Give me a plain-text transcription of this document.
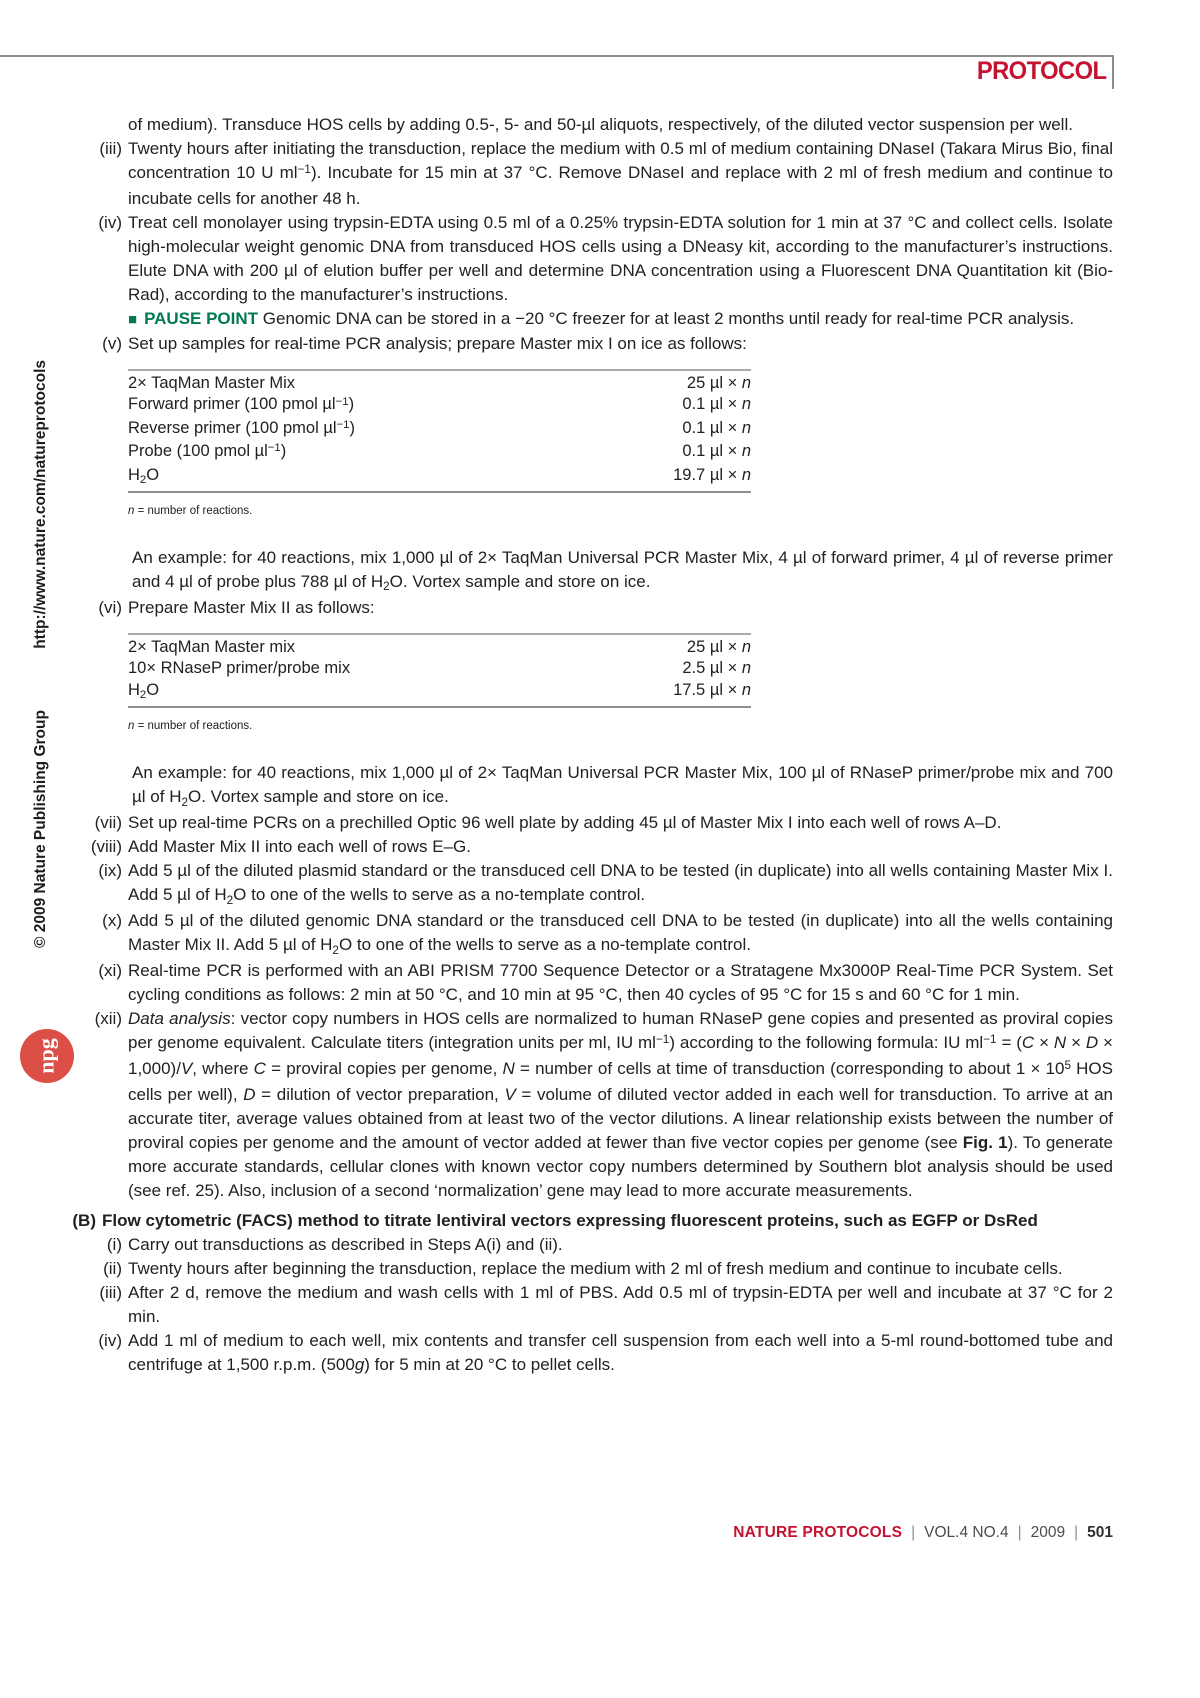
PROTOCOL
© 2009 Nature Publishing Group
http://www.nature.com/natureprotocols
npg
of medium). Transduce HOS cells by adding 0.5-, 5- and 50-µl aliquots, respectively, of the diluted vector suspension per well.
(iii) Twenty hours after initiating the transduction, replace the medium with 0.5 ml of medium containing DNaseI (Takara Mirus Bio, final concentration 10 U $ml^{-1}$). Incubate for 15 min at 37 °C. Remove DNaseI and replace with 2 ml of fresh medium and continue to incubate cells for another 48 h.
(iv) Treat cell monolayer using trypsin-EDTA using 0.5 ml of a 0.25% trypsin-EDTA solution for 1 min at 37 °C and collect cells. Isolate high-molecular weight genomic DNA from transduced HOS cells using a DNeasy kit, according to the manufacturer’s instructions. Elute DNA with 200 µl of elution buffer per well and determine DNA concentration using a Fluorescent DNA Quantitation kit (Bio-Rad), according to the manufacturer’s instructions.
■ PAUSE POINT Genomic DNA can be stored in a −20 °C freezer for at least 2 months until ready for real-time PCR analysis.
(v) Set up samples for real-time PCR analysis; prepare Master mix I on ice as follows:
2× TaqMan Master Mix	25 µl × n
Forward primer (100 pmol µl$^{-1}$)	0.1 µl × n
Reverse primer (100 pmol µl$^{-1}$)	0.1 µl × n
Probe (100 pmol µl$^{-1}$)	0.1 µl × n
H2O	19.7 µl × n
n = number of reactions.
An example: for 40 reactions, mix 1,000 µl of 2× TaqMan Universal PCR Master Mix, 4 µl of forward primer, 4 µl of reverse primer and 4 µl of probe plus 788 µl of H2O. Vortex sample and store on ice.
(vi) Prepare Master Mix II as follows:
2× TaqMan Master mix	25 µl × n
10× RNaseP primer/probe mix	2.5 µl × n
H2O	17.5 µl × n
n = number of reactions.
An example: for 40 reactions, mix 1,000 µl of 2× TaqMan Universal PCR Master Mix, 100 µl of RNaseP primer/probe mix and 700 µl of H2O. Vortex sample and store on ice.
(vii) Set up real-time PCRs on a prechilled Optic 96 well plate by adding 45 µl of Master Mix I into each well of rows A–D.
(viii) Add Master Mix II into each well of rows E–G.
(ix) Add 5 µl of the diluted plasmid standard or the transduced cell DNA to be tested (in duplicate) into all wells containing Master Mix I. Add 5 µl of H2O to one of the wells to serve as a no-template control.
(x) Add 5 µl of the diluted genomic DNA standard or the transduced cell DNA to be tested (in duplicate) into all the wells containing Master Mix II. Add 5 µl of H2O to one of the wells to serve as a no-template control.
(xi) Real-time PCR is performed with an ABI PRISM 7700 Sequence Detector or a Stratagene Mx3000P Real-Time PCR System. Set cycling conditions as follows: 2 min at 50 °C, and 10 min at 95 °C, then 40 cycles of 95 °C for 15 s and 60 °C for 1 min.
(xii) Data analysis: vector copy numbers in HOS cells are normalized to human RNaseP gene copies and presented as proviral copies per genome equivalent. Calculate titers (integration units per ml, IU $ml^{-1}$) according to the following formula: IU $ml^{-1} = (C \times N \times D \times 1,000)/V$, where C = proviral copies per genome, N = number of cells at time of transduction (corresponding to about $1 \times 10^5$ HOS cells per well), D = dilution of vector preparation, V = volume of diluted vector added in each well for transduction. To arrive at an accurate titer, average values obtained from at least two of the vector dilutions. A linear relationship exists between the number of proviral copies per genome and the amount of vector added at fewer than five vector copies per genome (see Fig. 1). To generate more accurate standards, cellular clones with known vector copy numbers determined by Southern blot analysis should be used (see ref. 25). Also, inclusion of a second ‘normalization’ gene may lead to more accurate measurements.
(B) Flow cytometric (FACS) method to titrate lentiviral vectors expressing fluorescent proteins, such as EGFP or DsRed
(i) Carry out transductions as described in Steps A(i) and (ii).
(ii) Twenty hours after beginning the transduction, replace the medium with 2 ml of fresh medium and continue to incubate cells.
(iii) After 2 d, remove the medium and wash cells with 1 ml of PBS. Add 0.5 ml of trypsin-EDTA per well and incubate at 37 °C for 2 min.
(iv) Add 1 ml of medium to each well, mix contents and transfer cell suspension from each well into a 5-ml round-bottomed tube and centrifuge at 1,500 r.p.m. (500g) for 5 min at 20 °C to pellet cells.
NATURE PROTOCOLS | VOL.4 NO.4 | 2009 | 501
